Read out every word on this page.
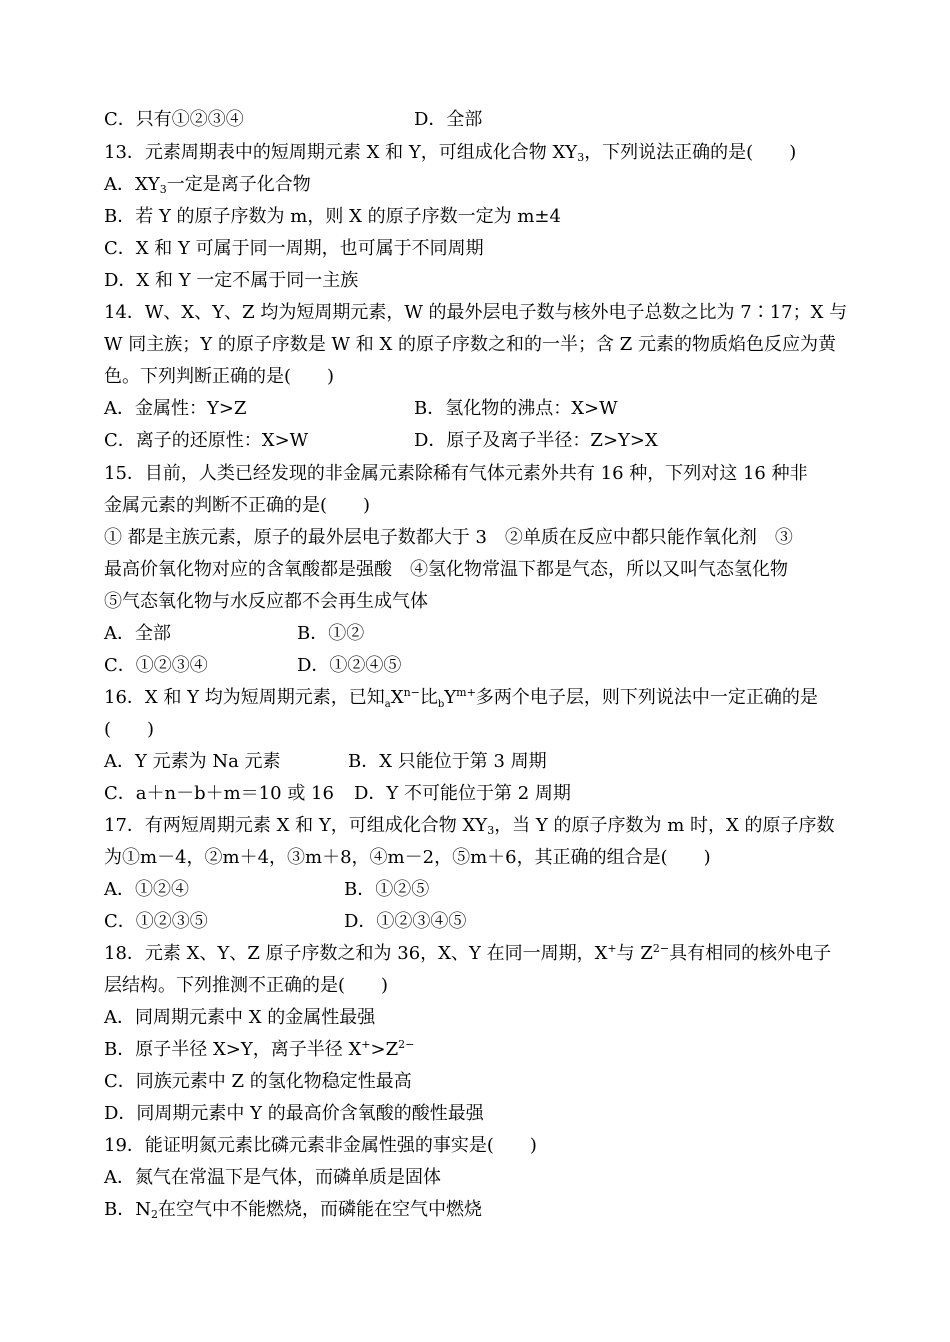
C．只有①②③④	D．全部
13．元素周期表中的短周期元素 X 和 Y，可组成化合物 $XY_3$，下列说法正确的是(　　)
A．$XY_3$一定是离子化合物
B．若 Y 的原子序数为 m，则 X 的原子序数一定为 m±4
C．X 和 Y 可属于同一周期，也可属于不同周期
D．X 和 Y 一定不属于同一主族
14．W、X、Y、Z 均为短周期元素，W 的最外层电子数与核外电子总数之比为 7∶17；X 与
W 同主族；Y 的原子序数是 W 和 X 的原子序数之和的一半；含 Z 元素的物质焰色反应为黄
色。下列判断正确的是(　　)
A．金属性：Y>Z	B．氢化物的沸点：X>W
C．离子的还原性：X>W	D．原子及离子半径：Z>Y>X
15．目前，人类已经发现的非金属元素除稀有气体元素外共有 16 种，下列对这 16 种非
金属元素的判断不正确的是(　　)
① 都是主族元素，原子的最外层电子数都大于 3　②单质在反应中都只能作氧化剂　③
最高价氧化物对应的含氧酸都是强酸　④氢化物常温下都是气态，所以又叫气态氢化物
⑤气态氧化物与水反应都不会再生成气体
A．全部	B．①②
C．①②③④	D．①②④⑤
16．X 和 Y 均为短周期元素，已知$_aX^{n-}$比$_bY^{m+}$多两个电子层，则下列说法中一定正确的是
(　　)
A．Y 元素为 Na 元素	B．X 只能位于第 3 周期
C．a＋n－b＋m＝10 或 16 D．Y 不可能位于第 2 周期
17．有两短周期元素 X 和 Y，可组成化合物 $XY_3$，当 Y 的原子序数为 m 时，X 的原子序数
为①m－4，②m＋4，③m＋8，④m－2，⑤m＋6，其正确的组合是(　　)
A．①②④	B．①②⑤
C．①②③⑤	D．①②③④⑤
18．元素 X、Y、Z 原子序数之和为 36，X、Y 在同一周期，X+与 $Z^{2-}$具有相同的核外电子
层结构。下列推测不正确的是(　　)
A．同周期元素中 X 的金属性最强
B．原子半径 X>Y，离子半径 $X^+>Z^{2-}$
C．同族元素中 Z 的氢化物稳定性最高
D．同周期元素中 Y 的最高价含氧酸的酸性最强
19．能证明氮元素比磷元素非金属性强的事实是(　　)
A．氮气在常温下是气体，而磷单质是固体
B．$N_2$在空气中不能燃烧，而磷能在空气中燃烧
